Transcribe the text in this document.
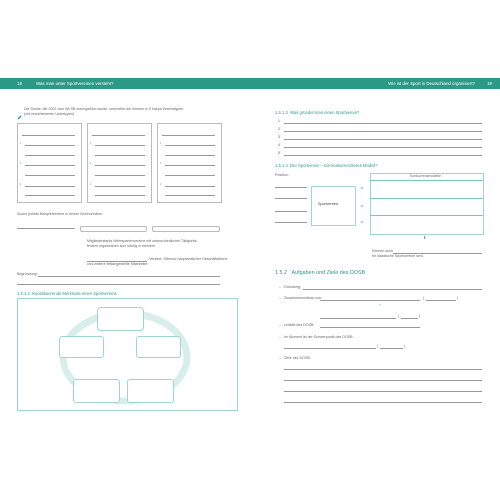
18	Was man unter Sportvereinen versteht?	Wie ist der Sport in Deutschland organisiert?	19
Die Studie, die 2002 vom WLSB durchgeführt wurde, unterteilte die Vereine in 5 Haupt-Vereinstypen
(mit verschiedenen Untertypen).
•
•
•
•
•
•
•
•
•
Suche jeweils Beispielvereine in deiner Wohnortnähe:
Mitgliederstarke Mehrspartenvereine mit unterschiedlichen Tätigkeits-
feldern organisieren sich häufig in mehrere
-Vereine: Offensiv hauptamtlicher Geschäftsführer
und weitere festangestellte Mitarbeiter
Begründung:
1.5.1.2 Konstituierende Merkmale eines Sportvereins
1.5.1.3 Was gründet man einen Sportverein?
1.
2.
3.
4.
5.
1.5.1.4 Der Sportverein – Ein konkurrenzloses Modell?
Position:
Sportvereine
⇒
⇒
⇒
Konkurrenzmodelle
⬇
Können auch
für klassische Sportvereine sein.
1.5.2 Aufgaben und Ziele des DOSB
– Gründung:
– Zusammenschluss von:	(	)
+
(	)
– Leitbild des DOSB:
– Im Moment ist der Schwerpunkt des DOSB:
(	)
– Ziele des DOSB:
